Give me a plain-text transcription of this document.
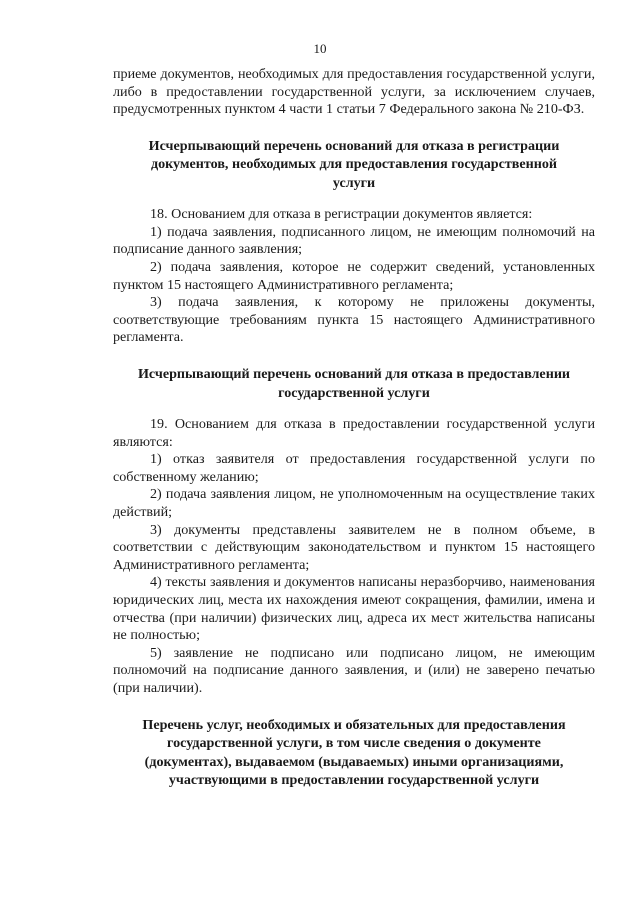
10

приеме документов, необходимых для предоставления государственной услуги, либо в предоставлении государственной услуги, за исключением случаев, предусмотренных пунктом 4 части 1 статьи 7 Федерального закона № 210-ФЗ.

Исчерпывающий перечень оснований для отказа в регистрации
документов, необходимых для предоставления государственной
услуги

18. Основанием для отказа в регистрации документов является:

1) подача заявления, подписанного лицом, не имеющим полномочий на подписание данного заявления;

2) подача заявления, которое не содержит сведений, установленных пунктом 15 настоящего Административного регламента;

3) подача заявления, к которому не приложены документы, соответствующие требованиям пункта 15 настоящего Административного регламента.

Исчерпывающий перечень оснований для отказа в предоставлении
государственной услуги

19. Основанием для отказа в предоставлении государственной услуги являются:

1) отказ заявителя от предоставления государственной услуги по собственному желанию;

2) подача заявления лицом, не уполномоченным на осуществление таких действий;

3) документы представлены заявителем не в полном объеме, в соответствии с действующим законодательством и пунктом 15 настоящего Административного регламента;

4) тексты заявления и документов написаны неразборчиво, наименования юридических лиц, места их нахождения имеют сокращения, фамилии, имена и отчества (при наличии) физических лиц, адреса их мест жительства написаны не полностью;

5) заявление не подписано или подписано лицом, не имеющим полномочий на подписание данного заявления, и (или) не заверено печатью (при наличии).

Перечень услуг, необходимых и обязательных для предоставления
государственной услуги, в том числе сведения о документе
(документах), выдаваемом (выдаваемых) иными организациями,
участвующими в предоставлении государственной услуги
